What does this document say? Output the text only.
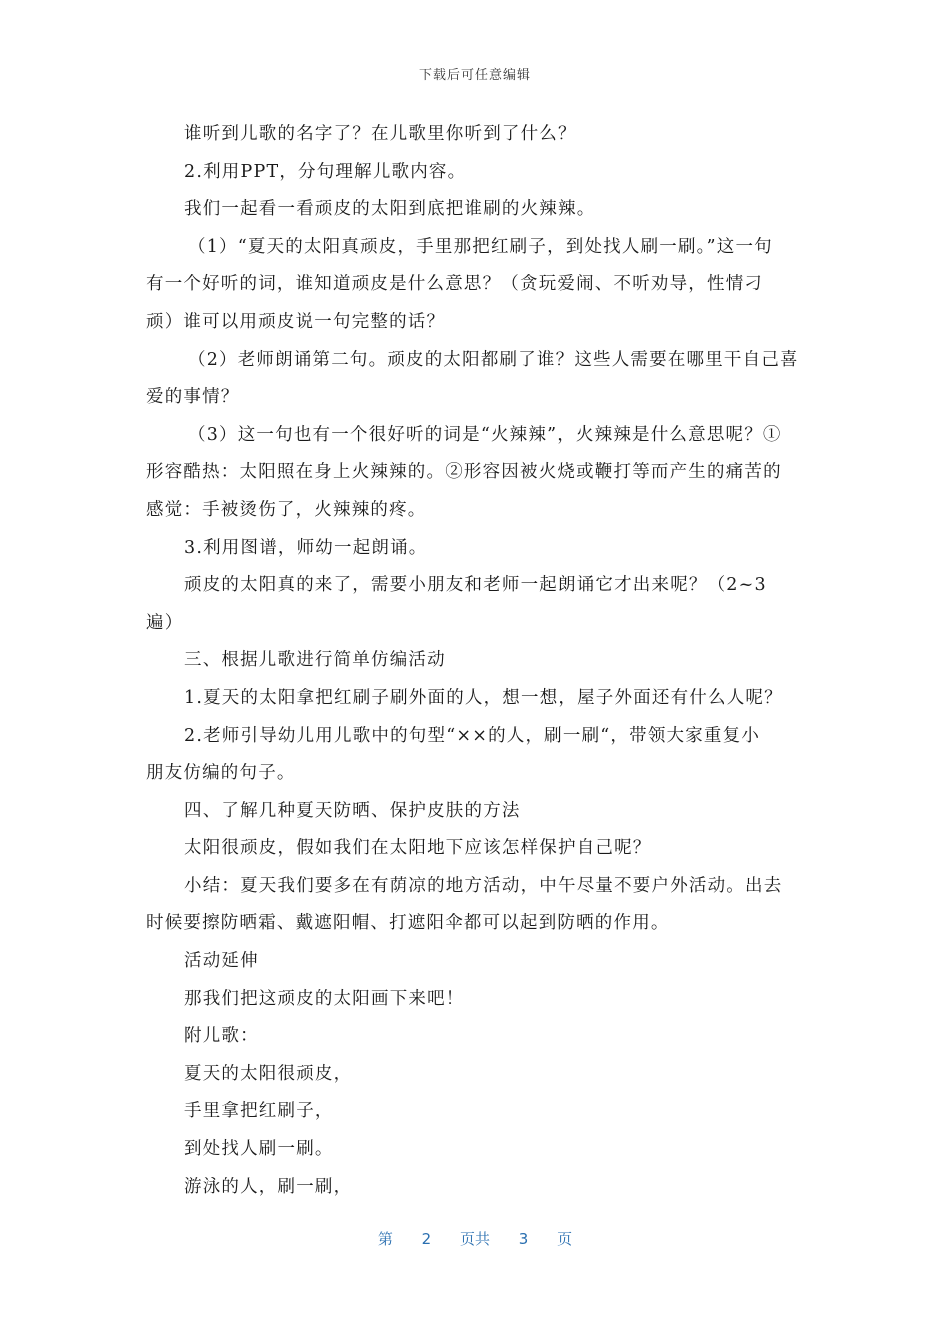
下载后可任意编辑
谁听到儿歌的名字了？在儿歌里你听到了什么？
2.利用PPT，分句理解儿歌内容。
我们一起看一看顽皮的太阳到底把谁刷的火辣辣。
（1）“夏天的太阳真顽皮，手里那把红刷子，到处找人刷一刷。”这一句
有一个好听的词，谁知道顽皮是什么意思？（贪玩爱闹、不听劝导，性情刁
顽）谁可以用顽皮说一句完整的话？
（2）老师朗诵第二句。顽皮的太阳都刷了谁？这些人需要在哪里干自己喜
爱的事情？
（3）这一句也有一个很好听的词是“火辣辣”，火辣辣是什么意思呢？①
形容酷热：太阳照在身上火辣辣的。②形容因被火烧或鞭打等而产生的痛苦的
感觉：手被烫伤了，火辣辣的疼。
3.利用图谱，师幼一起朗诵。
顽皮的太阳真的来了，需要小朋友和老师一起朗诵它才出来呢？（2~3
遍）
三、根据儿歌进行简单仿编活动
1.夏天的太阳拿把红刷子刷外面的人，想一想，屋子外面还有什么人呢？
2.老师引导幼儿用儿歌中的句型“××的人，刷一刷“，带领大家重复小
朋友仿编的句子。
四、了解几种夏天防晒、保护皮肤的方法
太阳很顽皮，假如我们在太阳地下应该怎样保护自己呢？
小结：夏天我们要多在有荫凉的地方活动，中午尽量不要户外活动。出去
时候要擦防晒霜、戴遮阳帽、打遮阳伞都可以起到防晒的作用。
活动延伸
那我们把这顽皮的太阳画下来吧！
附儿歌：
夏天的太阳很顽皮，
手里拿把红刷子，
到处找人刷一刷。
游泳的人，刷一刷，
第 2 页共 3 页
